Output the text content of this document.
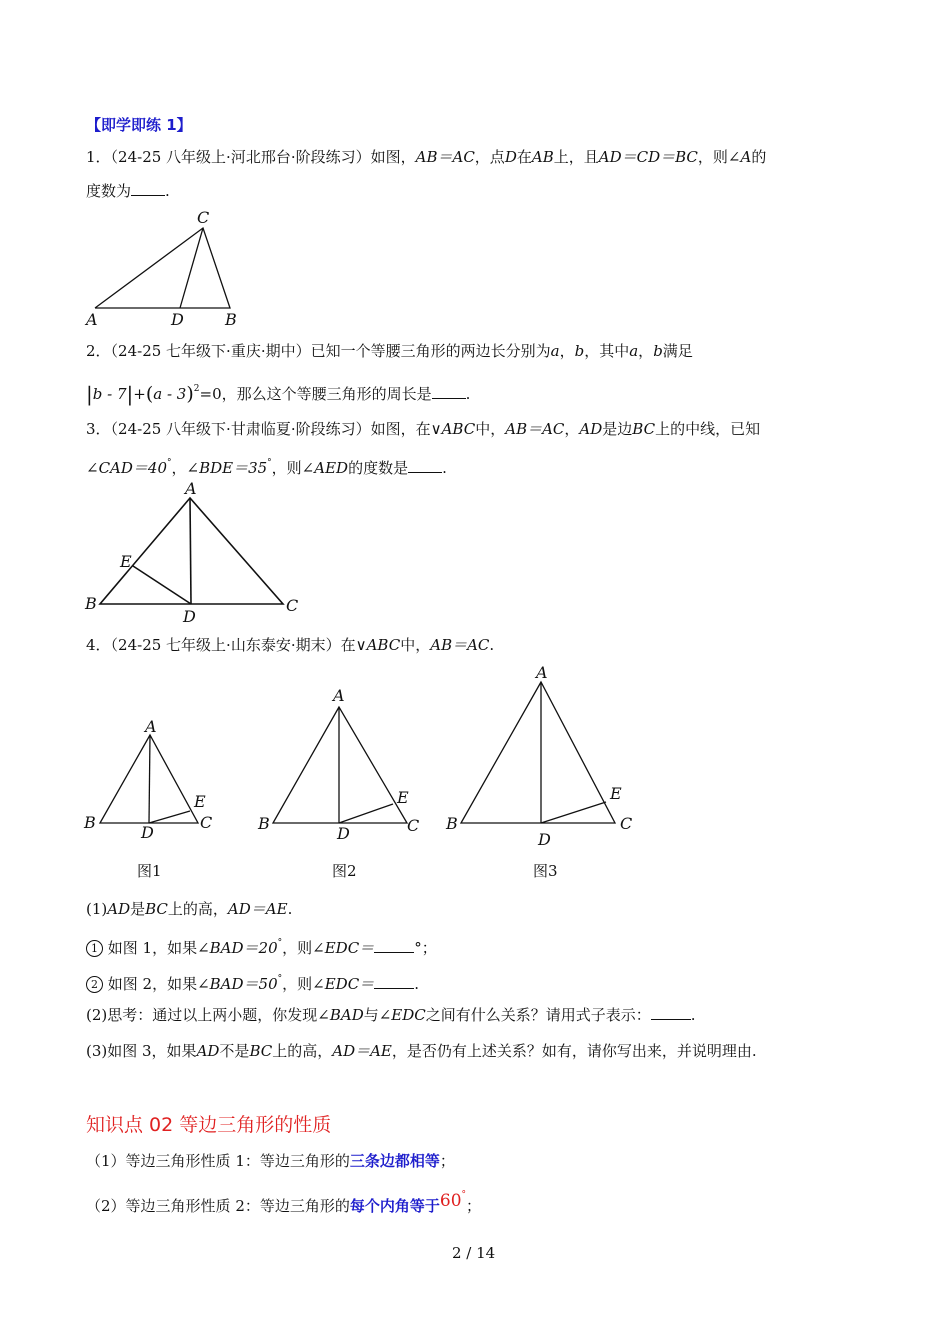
【即学即练 1】
1．（24-25 八年级上·河北邢台·阶段练习）如图，AB＝AC，点D在AB上，且AD＝CD＝BC，则∠A的
度数为 .
C
A	D	B
2．（24-25 七年级下·重庆·期中）已知一个等腰三角形的两边长分别为a，b，其中a，b满足
|b - 7|+(a - 3)$^2$=0，那么这个等腰三角形的周长是 .
3．（24-25 八年级下·甘肃临夏·阶段练习）如图，在∨ABC中，AB＝AC，AD是边BC上的中线，已知
∠CAD＝40°，∠BDE＝35°，则∠AED的度数是 .
A
E
B
D
C
4．（24-25 七年级上·山东泰安·期末）在∨ABC中，AB＝AC.
A
B
D
E
C
A
B
D
E
C
A
B
D
E
C
图1	图2	图3
(1)AD是BC上的高，AD＝AE.
1 如图 1，如果∠BAD＝20°，则∠EDC＝	°；
2 如图 2，如果∠BAD＝50°，则∠EDC＝	.
(2)思考：通过以上两小题，你发现∠BAD与∠EDC之间有什么关系？请用式子表示：	.
(3)如图 3，如果AD不是BC上的高，AD＝AE，是否仍有上述关系？如有，请你写出来，并说明理由.
知识点 02 等边三角形的性质
（1）等边三角形性质 1：等边三角形的三条边都相等；
（2）等边三角形性质 2：等边三角形的每个内角等于60°；
2 / 14
